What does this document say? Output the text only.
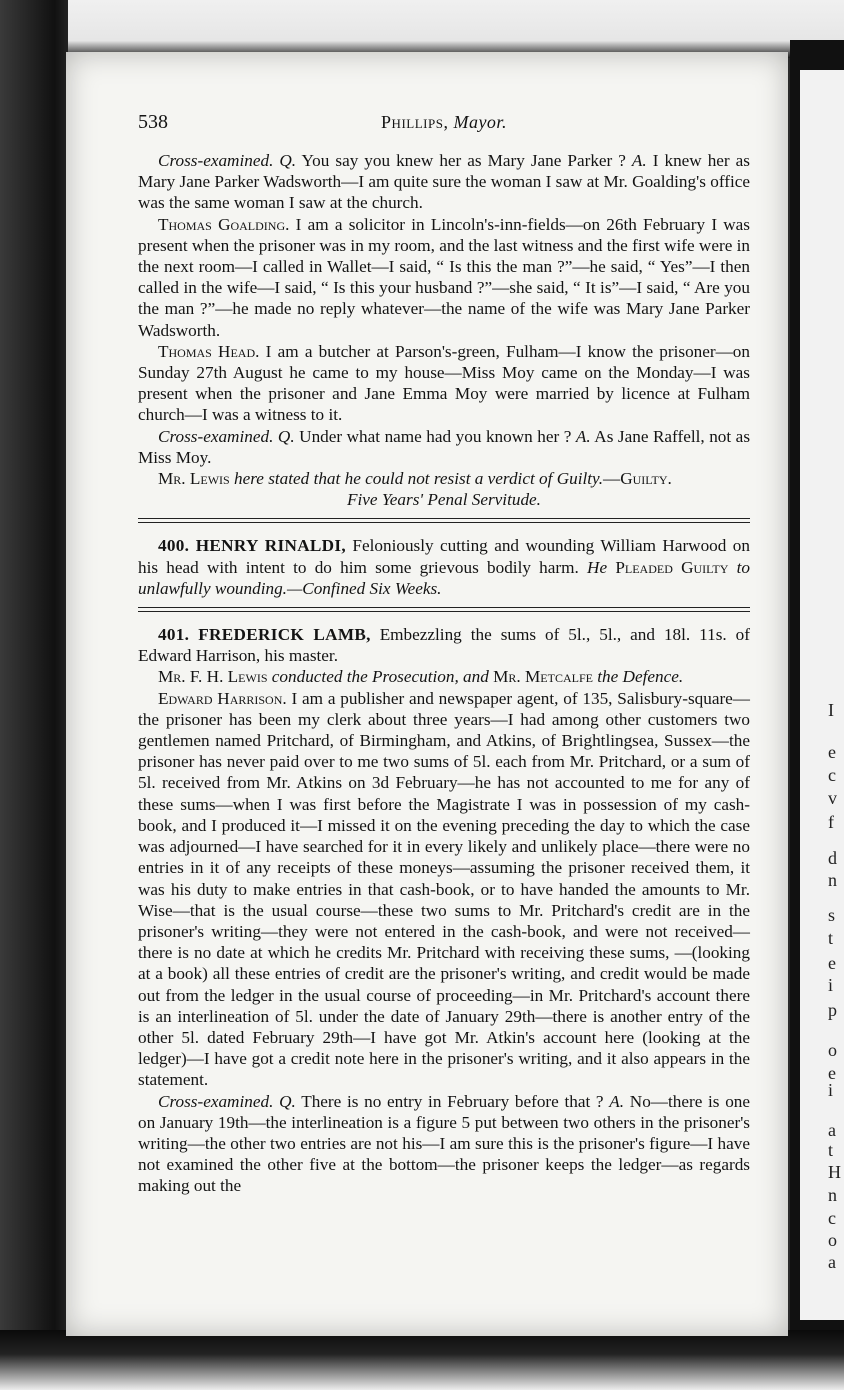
I
e
c
v
f
d
n
s
t
e
i
p
o
e
i
a
t
H
n
c
o
a
538	Phillips, Mayor.

Cross-examined. Q. You say you knew her as Mary Jane Parker ? A. I knew her as Mary Jane Parker Wadsworth—I am quite sure the woman I saw at Mr. Goalding's office was the same woman I saw at the church.

Thomas Goalding. I am a solicitor in Lincoln's-inn-fields—on 26th February I was present when the prisoner was in my room, and the last witness and the first wife were in the next room—I called in Wallet—I said, “ Is this the man ?”—he said, “ Yes”—I then called in the wife—I said, “ Is this your husband ?”—she said, “ It is”—I said, “ Are you the man ?”—he made no reply whatever—the name of the wife was Mary Jane Parker Wadsworth.

Thomas Head. I am a butcher at Parson's-green, Fulham—I know the prisoner—on Sunday 27th August he came to my house—Miss Moy came on the Monday—I was present when the prisoner and Jane Emma Moy were married by licence at Fulham church—I was a witness to it.

Cross-examined. Q. Under what name had you known her ? A. As Jane Raffell, not as Miss Moy.

Mr. Lewis here stated that he could not resist a verdict of Guilty.—Guilty.

Five Years' Penal Servitude.

400. HENRY RINALDI, Feloniously cutting and wounding William Harwood on his head with intent to do him some grievous bodily harm. He Pleaded Guilty to unlawfully wounding.—Confined Six Weeks.

401. FREDERICK LAMB, Embezzling the sums of 5l., 5l., and 18l. 11s. of Edward Harrison, his master.

Mr. F. H. Lewis conducted the Prosecution, and Mr. Metcalfe the Defence.

Edward Harrison. I am a publisher and newspaper agent, of 135, Salisbury-square—the prisoner has been my clerk about three years—I had among other customers two gentlemen named Pritchard, of Birmingham, and Atkins, of Brightlingsea, Sussex—the prisoner has never paid over to me two sums of 5l. each from Mr. Pritchard, or a sum of 5l. received from Mr. Atkins on 3d February—he has not accounted to me for any of these sums—when I was first before the Magistrate I was in possession of my cash-book, and I produced it—I missed it on the evening preceding the day to which the case was adjourned—I have searched for it in every likely and unlikely place—there were no entries in it of any receipts of these moneys—assuming the prisoner received them, it was his duty to make entries in that cash-book, or to have handed the amounts to Mr. Wise—that is the usual course—these two sums to Mr. Pritchard's credit are in the prisoner's writing—they were not entered in the cash-book, and were not received—there is no date at which he credits Mr. Pritchard with receiving these sums, —(looking at a book) all these entries of credit are the prisoner's writing, and credit would be made out from the ledger in the usual course of proceeding—in Mr. Pritchard's account there is an interlineation of 5l. under the date of January 29th—there is another entry of the other 5l. dated February 29th—I have got Mr. Atkin's account here (looking at the ledger)—I have got a credit note here in the prisoner's writing, and it also appears in the statement.

Cross-examined. Q. There is no entry in February before that ? A. No—there is one on January 19th—the interlineation is a figure 5 put between two others in the prisoner's writing—the other two entries are not his—I am sure this is the prisoner's figure—I have not examined the other five at the bottom—the prisoner keeps the ledger—as regards making out the
